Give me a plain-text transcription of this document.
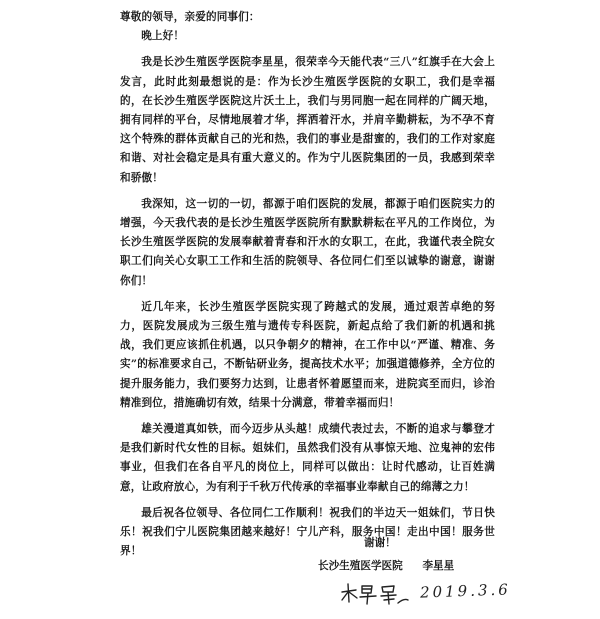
尊敬的领导，亲爱的同事们：

晚上好！

我是长沙生殖医学医院李星星，很荣幸今天能代表“三八”红旗手在大会上发言，此时此刻最想说的是：作为长沙生殖医学医院的女职工，我们是幸福的，在长沙生殖医学医院这片沃土上，我们与男同胞一起在同样的广阔天地，拥有同样的平台，尽情地展着才华，挥洒着汗水，并肩辛勤耕耘，为不孕不育这个特殊的群体贡献自己的光和热，我们的事业是甜蜜的，我们的工作对家庭和谐、对社会稳定是具有重大意义的。作为宁儿医院集团的一员，我感到荣幸和骄傲！

我深知，这一切的一切，都源于咱们医院的发展，都源于咱们医院实力的增强，今天我代表的是长沙生殖医学医院所有默默耕耘在平凡的工作岗位，为长沙生殖医学医院的发展奉献着青春和汗水的女职工，在此，我谨代表全院女职工们向关心女职工工作和生活的院领导、各位同仁们至以诚挚的谢意，谢谢你们！

近几年来，长沙生殖医学医院实现了跨越式的发展，通过艰苦卓绝的努力，医院发展成为三级生殖与遗传专科医院，新起点给了我们新的机遇和挑战，我们更应该抓住机遇，以只争朝夕的精神，在工作中以“严谨、精准、务实”的标准要求自己，不断钻研业务，提高技术水平；加强道德修养，全方位的提升服务能力，我们要努力达到，让患者怀着愿望而来，进院宾至而归，诊治精准到位，措施确切有效，结果十分满意，带着幸福而归！

雄关漫道真如铁，而今迈步从头越！成绩代表过去，不断的追求与攀登才是我们新时代女性的目标。姐妹们，虽然我们没有从事惊天地、泣鬼神的宏伟事业，但我们在各自平凡的岗位上，同样可以做出：让时代感动，让百姓满意，让政府放心，为有利于千秋万代传承的幸福事业奉献自己的绵薄之力！

最后祝各位领导、各位同仁工作顺利！祝我们的半边天一姐妹们，节日快乐！祝我们宁儿医院集团越来越好！宁儿产科，服务中国！走出中国！服务世界！

谢谢！
长沙生殖医学医院 李星星
2019.3.6
